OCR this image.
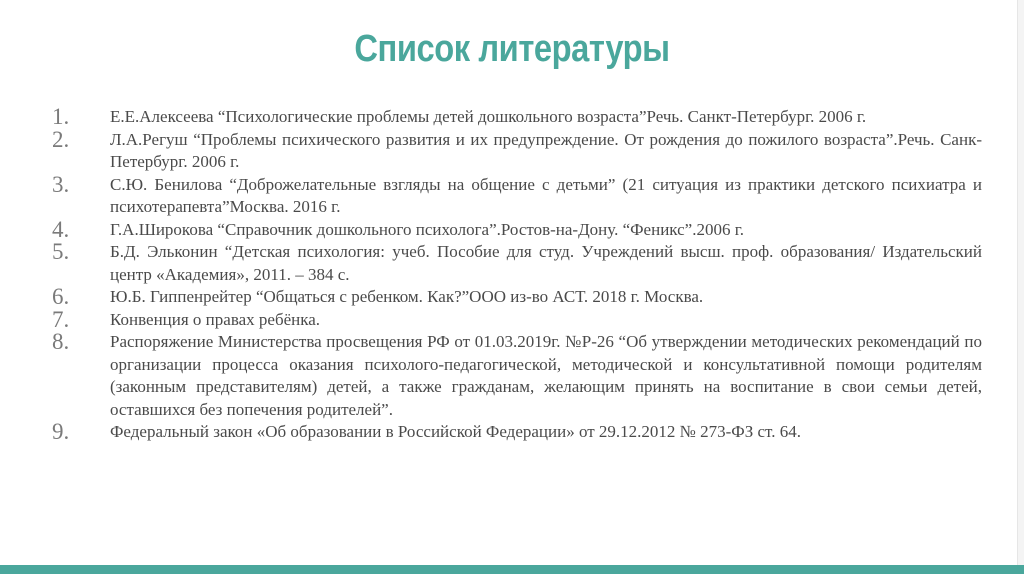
Список литературы
1.	Е.Е.Алексеева “Психологические проблемы детей дошкольного возраста”Речь. Санкт-Петербург. 2006 г.
2.	Л.А.Регуш “Проблемы психического развития и их предупреждение. От рождения до пожилого возраста”.Речь. Санк-Петербург. 2006 г.
3.	С.Ю. Бенилова “Доброжелательные взгляды на общение с детьми” (21 ситуация из практики детского психиатра и психотерапевта”Москва. 2016 г.
4.	Г.А.Широкова “Справочник дошкольного психолога”.Ростов-на-Дону. “Феникс”.2006 г.
5.	Б.Д. Эльконин “Детская психология: учеб. Пособие для студ. Учреждений высш. проф. образования/ Издательский центр «Академия», 2011. – 384 с.
6.	Ю.Б. Гиппенрейтер “Общаться с ребенком. Как?”ООО из-во АСТ. 2018 г. Москва.
7.	Конвенция о правах ребёнка.
8.	Распоряжение Министерства просвещения РФ от 01.03.2019г. №Р-26 “Об утверждении методических рекомендаций по организации процесса оказания психолого-педагогической, методической и консультативной помощи родителям (законным представителям) детей, а также гражданам, желающим принять на воспитание в свои семьи детей, оставшихся без попечения родителей”.
9.	Федеральный закон «Об образовании в Российской Федерации» от 29.12.2012 № 273-ФЗ ст. 64.
